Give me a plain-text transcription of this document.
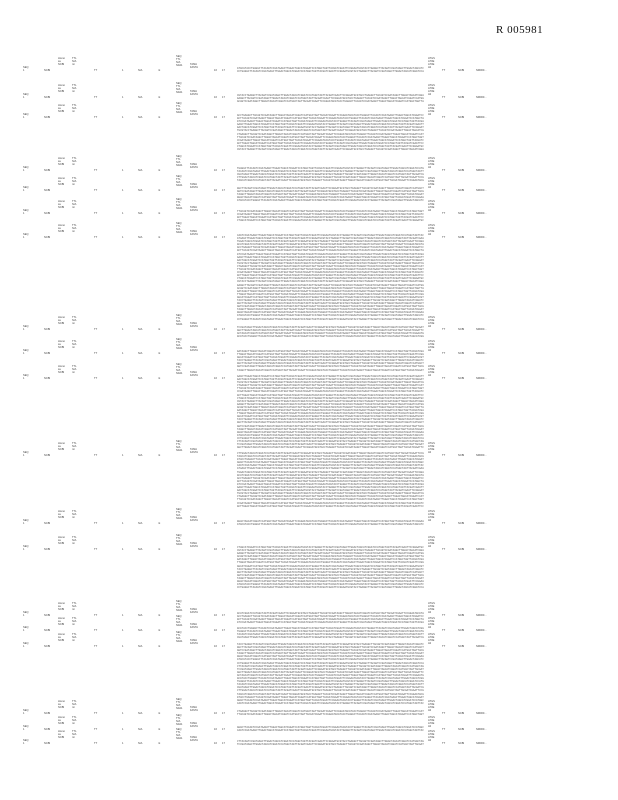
R 005981
SEQ
1	NCBI
Homo
sa
NCBI
TTL
N/A
mi
TT	1	N/A	nt
SEQ
TTL
N/A
N0A1	TAMA
FASTA
16 17
ATGCGTACCTGAGGCTTACAGTCCGATAAGCTTGGACTAGCATCGGATCCATGGCTAGTTACGATCGAATTCCGGAATGCGTACCTGAGGCTTACAGTCCGATAAGCTTGGACTAGCATC
CCTGAGGCTTACAGTCCGATAAGCTTGGACTAGCATCGGATCCATGGCTAGTTACGATCGAATTCCGGAATGCGTACCTGAGGCTTACAGTCCGATAAGCTTGGACTAGCATCGGATCCA
ATGS
A70E
A70E
Alt
TT	NCBI	NM000...
SEQ
1	NCBI
Homo
sa
NCBI
TTL
N/A
mi
TT	1	N/A	nt
SEQ
TTL
N/A
N0A1	TAMA
FASTA
16 17
CGTACCTGAGGCTTACAGTCCGATAAGCTTGGACTAGCATCGGATCCATGGCTAGTTACGATCGAATTCCGGAATGCGTACCTGAGGCTTACAGTCCGATAAGCTTGGACTAGCATCGGA
GAGGCTTACAGTCCGATAAGCTTGGACTAGCATCGGATCCATGGCTAGTTACGATCGAATTCCGGAATGCGTACCTGAGGCTTACAGTCCGATAAGCTTGGACTAGCATCGGATCCATGG
ACAGTCCGATAAGCTTGGACTAGCATCGGATCCATGGCTAGTTACGATCGAATTCCGGAATGCGTACCTGAGGCTTACAGTCCGATAAGCTTGGACTAGCATCGGATCCATGGCTAGTTA
ATGS
A70E
A70E
Alt
TT	NCBI	NM000...
SEQ
1	NCBI
Homo
sa
NCBI
TTL
N/A
mi
TT	1	N/A	nt
SEQ
TTL
N/A
N0A1	TAMA
FASTA
16 17
ACCTGAGGCTTACAGTCCGATAAGCTTGGACTAGCATCGGATCCATGGCTAGTTACGATCGAATTCCGGAATGCGTACCTGAGGCTTACAGTCCGATAAGCTTGGACTAGCATCGGATCC
GCTTACAGTCCGATAAGCTTGGACTAGCATCGGATCCATGGCTAGTTACGATCGAATTCCGGAATGCGTACCTGAGGCTTACAGTCCGATAAGCTTGGACTAGCATCGGATCCATGGCTA
GTCCGATAAGCTTGGACTAGCATCGGATCCATGGCTAGTTACGATCGAATTCCGGAATGCGTACCTGAGGCTTACAGTCCGATAAGCTTGGACTAGCATCGGATCCATGGCTAGTTACGA
AAGCTTGGACTAGCATCGGATCCATGGCTAGTTACGATCGAATTCCGGAATGCGTACCTGAGGCTTACAGTCCGATAAGCTTGGACTAGCATCGGATCCATGGCTAGTTACGATCGAATT
GACTAGCATCGGATCCATGGCTAGTTACGATCGAATTCCGGAATGCGTACCTGAGGCTTACAGTCCGATAAGCTTGGACTAGCATCGGATCCATGGCTAGTTACGATCGAATTCCGGAAT
TGCGTACCTGAGGCTTACAGTCCGATAAGCTTGGACTAGCATCGGATCCATGGCTAGTTACGATCGAATTCCGGAATGCGTACCTGAGGCTTACAGTCCGATAAGCTTGGACTAGCATCG
CTGAGGCTTACAGTCCGATAAGCTTGGACTAGCATCGGATCCATGGCTAGTTACGATCGAATTCCGGAATGCGTACCTGAGGCTTACAGTCCGATAAGCTTGGACTAGCATCGGATCCAT
TTACAGTCCGATAAGCTTGGACTAGCATCGGATCCATGGCTAGTTACGATCGAATTCCGGAATGCGTACCTGAGGCTTACAGTCCGATAAGCTTGGACTAGCATCGGATCCATGGCTAGT
CCGATAAGCTTGGACTAGCATCGGATCCATGGCTAGTTACGATCGAATTCCGGAATGCGTACCTGAGGCTTACAGTCCGATAAGCTTGGACTAGCATCGGATCCATGGCTAGTTACGATC
GCTTGGACTAGCATCGGATCCATGGCTAGTTACGATCGAATTCCGGAATGCGTACCTGAGGCTTACAGTCCGATAAGCTTGGACTAGCATCGGATCCATGGCTAGTTACGATCGAATTCC
CTAGCATCGGATCCATGGCTAGTTACGATCGAATTCCGGAATGCGTACCTGAGGCTTACAGTCCGATAAGCTTGGACTAGCATCGGATCCATGGCTAGTTACGATCGAATTCCGGAATGC
CGTACCTGAGGCTTACAGTCCGATAAGCTTGGACTAGCATCGGATCCATGGCTAGTTACGATCGAATTCCGGAATGCGTACCTGAGGCTTACAGTCCGATAAGCTTGGACTAGCATCGGA
ATGS
A70E
A70E
Alt
TT	NCBI	NM000...
SEQ
1	NCBI
Homo
sa
NCBI
TTL
N/A
mi
TT	1	N/A	nt
SEQ
TTL
N/A
N0A1	TAMA
FASTA
16 17
TGAGGCTTACAGTCCGATAAGCTTGGACTAGCATCGGATCCATGGCTAGTTACGATCGAATTCCGGAATGCGTACCTGAGGCTTACAGTCCGATAAGCTTGGACTAGCATCGGATCCATG
TACAGTCCGATAAGCTTGGACTAGCATCGGATCCATGGCTAGTTACGATCGAATTCCGGAATGCGTACCTGAGGCTTACAGTCCGATAAGCTTGGACTAGCATCGGATCCATGGCTAGTT
CGATAAGCTTGGACTAGCATCGGATCCATGGCTAGTTACGATCGAATTCCGGAATGCGTACCTGAGGCTTACAGTCCGATAAGCTTGGACTAGCATCGGATCCATGGCTAGTTACGATCG
CTTGGACTAGCATCGGATCCATGGCTAGTTACGATCGAATTCCGGAATGCGTACCTGAGGCTTACAGTCCGATAAGCTTGGACTAGCATCGGATCCATGGCTAGTTACGATCGAATTCCG
TAGCATCGGATCCATGGCTAGTTACGATCGAATTCCGGAATGCGTACCTGAGGCTTACAGTCCGATAAGCTTGGACTAGCATCGGATCCATGGCTAGTTACGATCGAATTCCGGAATGCG
ATGS
A70E
A70E
Alt
TT	NCBI	NM000...
SEQ
1	NCBI
Homo
sa
NCBI
TTL
N/A
mi
TT	1	N/A	nt
SEQ
TTL
N/A
N0A1	TAMA
FASTA
16 17
GGCTTACAGTCCGATAAGCTTGGACTAGCATCGGATCCATGGCTAGTTACGATCGAATTCCGGAATGCGTACCTGAGGCTTACAGTCCGATAAGCTTGGACTAGCATCGGATCCATGGCT
AGTCCGATAAGCTTGGACTAGCATCGGATCCATGGCTAGTTACGATCGAATTCCGGAATGCGTACCTGAGGCTTACAGTCCGATAAGCTTGGACTAGCATCGGATCCATGGCTAGTTACG
TAAGCTTGGACTAGCATCGGATCCATGGCTAGTTACGATCGAATTCCGGAATGCGTACCTGAGGCTTACAGTCCGATAAGCTTGGACTAGCATCGGATCCATGGCTAGTTACGATCGAAT
GGACTAGCATCGGATCCATGGCTAGTTACGATCGAATTCCGGAATGCGTACCTGAGGCTTACAGTCCGATAAGCTTGGACTAGCATCGGATCCATGGCTAGTTACGATCGAATTCCGGAA
ATGCGTACCTGAGGCTTACAGTCCGATAAGCTTGGACTAGCATCGGATCCATGGCTAGTTACGATCGAATTCCGGAATGCGTACCTGAGGCTTACAGTCCGATAAGCTTGGACTAGCATC
ATGS
A70E
A70E
Alt
TT	NCBI	NM000...
SEQ
1	NCBI
Homo
sa
NCBI
TTL
N/A
mi
TT	1	N/A	nt
SEQ
TTL
N/A
N0A1	TAMA
FASTA
16 17
TTACAGTCCGATAAGCTTGGACTAGCATCGGATCCATGGCTAGTTACGATCGAATTCCGGAATGCGTACCTGAGGCTTACAGTCCGATAAGCTTGGACTAGCATCGGATCCATGGCTAGT
CCGATAAGCTTGGACTAGCATCGGATCCATGGCTAGTTACGATCGAATTCCGGAATGCGTACCTGAGGCTTACAGTCCGATAAGCTTGGACTAGCATCGGATCCATGGCTAGTTACGATC
GCTTGGACTAGCATCGGATCCATGGCTAGTTACGATCGAATTCCGGAATGCGTACCTGAGGCTTACAGTCCGATAAGCTTGGACTAGCATCGGATCCATGGCTAGTTACGATCGAATTCC
CTAGCATCGGATCCATGGCTAGTTACGATCGAATTCCGGAATGCGTACCTGAGGCTTACAGTCCGATAAGCTTGGACTAGCATCGGATCCATGGCTAGTTACGATCGAATTCCGGAATGC
ATGS
A70E
A70E
Alt
TT	NCBI	NM000...
SEQ
1	NCBI
Homo
sa
NCBI
TTL
N/A
mi
TT	1	N/A	nt
SEQ
TTL
N/A
N0A1	TAMA
FASTA
16 17
CAGTCCGATAAGCTTGGACTAGCATCGGATCCATGGCTAGTTACGATCGAATTCCGGAATGCGTACCTGAGGCTTACAGTCCGATAAGCTTGGACTAGCATCGGATCCATGGCTAGTTAC
ATAAGCTTGGACTAGCATCGGATCCATGGCTAGTTACGATCGAATTCCGGAATGCGTACCTGAGGCTTACAGTCCGATAAGCTTGGACTAGCATCGGATCCATGGCTAGTTACGATCGAA
TGGACTAGCATCGGATCCATGGCTAGTTACGATCGAATTCCGGAATGCGTACCTGAGGCTTACAGTCCGATAAGCTTGGACTAGCATCGGATCCATGGCTAGTTACGATCGAATTCCGGA
GCATCGGATCCATGGCTAGTTACGATCGAATTCCGGAATGCGTACCTGAGGCTTACAGTCCGATAAGCTTGGACTAGCATCGGATCCATGGCTAGTTACGATCGAATTCCGGAATGCGTA
ACCTGAGGCTTACAGTCCGATAAGCTTGGACTAGCATCGGATCCATGGCTAGTTACGATCGAATTCCGGAATGCGTACCTGAGGCTTACAGTCCGATAAGCTTGGACTAGCATCGGATCC
GCTTACAGTCCGATAAGCTTGGACTAGCATCGGATCCATGGCTAGTTACGATCGAATTCCGGAATGCGTACCTGAGGCTTACAGTCCGATAAGCTTGGACTAGCATCGGATCCATGGCTA
GTCCGATAAGCTTGGACTAGCATCGGATCCATGGCTAGTTACGATCGAATTCCGGAATGCGTACCTGAGGCTTACAGTCCGATAAGCTTGGACTAGCATCGGATCCATGGCTAGTTACGA
AAGCTTGGACTAGCATCGGATCCATGGCTAGTTACGATCGAATTCCGGAATGCGTACCTGAGGCTTACAGTCCGATAAGCTTGGACTAGCATCGGATCCATGGCTAGTTACGATCGAATT
GACTAGCATCGGATCCATGGCTAGTTACGATCGAATTCCGGAATGCGTACCTGAGGCTTACAGTCCGATAAGCTTGGACTAGCATCGGATCCATGGCTAGTTACGATCGAATTCCGGAAT
TGCGTACCTGAGGCTTACAGTCCGATAAGCTTGGACTAGCATCGGATCCATGGCTAGTTACGATCGAATTCCGGAATGCGTACCTGAGGCTTACAGTCCGATAAGCTTGGACTAGCATCG
CTGAGGCTTACAGTCCGATAAGCTTGGACTAGCATCGGATCCATGGCTAGTTACGATCGAATTCCGGAATGCGTACCTGAGGCTTACAGTCCGATAAGCTTGGACTAGCATCGGATCCAT
TTACAGTCCGATAAGCTTGGACTAGCATCGGATCCATGGCTAGTTACGATCGAATTCCGGAATGCGTACCTGAGGCTTACAGTCCGATAAGCTTGGACTAGCATCGGATCCATGGCTAGT
CCGATAAGCTTGGACTAGCATCGGATCCATGGCTAGTTACGATCGAATTCCGGAATGCGTACCTGAGGCTTACAGTCCGATAAGCTTGGACTAGCATCGGATCCATGGCTAGTTACGATC
GCTTGGACTAGCATCGGATCCATGGCTAGTTACGATCGAATTCCGGAATGCGTACCTGAGGCTTACAGTCCGATAAGCTTGGACTAGCATCGGATCCATGGCTAGTTACGATCGAATTCC
CTAGCATCGGATCCATGGCTAGTTACGATCGAATTCCGGAATGCGTACCTGAGGCTTACAGTCCGATAAGCTTGGACTAGCATCGGATCCATGGCTAGTTACGATCGAATTCCGGAATGC
CGTACCTGAGGCTTACAGTCCGATAAGCTTGGACTAGCATCGGATCCATGGCTAGTTACGATCGAATTCCGGAATGCGTACCTGAGGCTTACAGTCCGATAAGCTTGGACTAGCATCGGA
GAGGCTTACAGTCCGATAAGCTTGGACTAGCATCGGATCCATGGCTAGTTACGATCGAATTCCGGAATGCGTACCTGAGGCTTACAGTCCGATAAGCTTGGACTAGCATCGGATCCATGG
ACAGTCCGATAAGCTTGGACTAGCATCGGATCCATGGCTAGTTACGATCGAATTCCGGAATGCGTACCTGAGGCTTACAGTCCGATAAGCTTGGACTAGCATCGGATCCATGGCTAGTTA
GATAAGCTTGGACTAGCATCGGATCCATGGCTAGTTACGATCGAATTCCGGAATGCGTACCTGAGGCTTACAGTCCGATAAGCTTGGACTAGCATCGGATCCATGGCTAGTTACGATCGA
TTGGACTAGCATCGGATCCATGGCTAGTTACGATCGAATTCCGGAATGCGTACCTGAGGCTTACAGTCCGATAAGCTTGGACTAGCATCGGATCCATGGCTAGTTACGATCGAATTCCGG
AGCATCGGATCCATGGCTAGTTACGATCGAATTCCGGAATGCGTACCTGAGGCTTACAGTCCGATAAGCTTGGACTAGCATCGGATCCATGGCTAGTTACGATCGAATTCCGGAATGCGT
TACCTGAGGCTTACAGTCCGATAAGCTTGGACTAGCATCGGATCCATGGCTAGTTACGATCGAATTCCGGAATGCGTACCTGAGGCTTACAGTCCGATAAGCTTGGACTAGCATCGGATC
GGCTTACAGTCCGATAAGCTTGGACTAGCATCGGATCCATGGCTAGTTACGATCGAATTCCGGAATGCGTACCTGAGGCTTACAGTCCGATAAGCTTGGACTAGCATCGGATCCATGGCT
AGTCCGATAAGCTTGGACTAGCATCGGATCCATGGCTAGTTACGATCGAATTCCGGAATGCGTACCTGAGGCTTACAGTCCGATAAGCTTGGACTAGCATCGGATCCATGGCTAGTTACG
TAAGCTTGGACTAGCATCGGATCCATGGCTAGTTACGATCGAATTCCGGAATGCGTACCTGAGGCTTACAGTCCGATAAGCTTGGACTAGCATCGGATCCATGGCTAGTTACGATCGAAT
GGACTAGCATCGGATCCATGGCTAGTTACGATCGAATTCCGGAATGCGTACCTGAGGCTTACAGTCCGATAAGCTTGGACTAGCATCGGATCCATGGCTAGTTACGATCGAATTCCGGAA
ATGCGTACCTGAGGCTTACAGTCCGATAAGCTTGGACTAGCATCGGATCCATGGCTAGTTACGATCGAATTCCGGAATGCGTACCTGAGGCTTACAGTCCGATAAGCTTGGACTAGCATC
CCTGAGGCTTACAGTCCGATAAGCTTGGACTAGCATCGGATCCATGGCTAGTTACGATCGAATTCCGGAATGCGTACCTGAGGCTTACAGTCCGATAAGCTTGGACTAGCATCGGATCCA
ATGS
A70E
A70E
Alt
TT	NCBI	NM000...
SEQ
1	NCBI
Homo
sa
NCBI
TTL
N/A
mi
TT	1	N/A	nt
SEQ
TTL
N/A
N0A1	TAMA
FASTA
16 17
TCCGATAAGCTTGGACTAGCATCGGATCCATGGCTAGTTACGATCGAATTCCGGAATGCGTACCTGAGGCTTACAGTCCGATAAGCTTGGACTAGCATCGGATCCATGGCTAGTTACGAT
AGCTTGGACTAGCATCGGATCCATGGCTAGTTACGATCGAATTCCGGAATGCGTACCTGAGGCTTACAGTCCGATAAGCTTGGACTAGCATCGGATCCATGGCTAGTTACGATCGAATTC
ACTAGCATCGGATCCATGGCTAGTTACGATCGAATTCCGGAATGCGTACCTGAGGCTTACAGTCCGATAAGCTTGGACTAGCATCGGATCCATGGCTAGTTACGATCGAATTCCGGAATG
GCGTACCTGAGGCTTACAGTCCGATAAGCTTGGACTAGCATCGGATCCATGGCTAGTTACGATCGAATTCCGGAATGCGTACCTGAGGCTTACAGTCCGATAAGCTTGGACTAGCATCGG
ATGS
A70E
A70E
Alt
TT	NCBI	NM000...
SEQ
1	NCBI
Homo
sa
NCBI
TTL
N/A
mi
TT	1	N/A	nt
SEQ
TTL
N/A
N0A1	TAMA
FASTA
16 17
GATAAGCTTGGACTAGCATCGGATCCATGGCTAGTTACGATCGAATTCCGGAATGCGTACCTGAGGCTTACAGTCCGATAAGCTTGGACTAGCATCGGATCCATGGCTAGTTACGATCGA
TTGGACTAGCATCGGATCCATGGCTAGTTACGATCGAATTCCGGAATGCGTACCTGAGGCTTACAGTCCGATAAGCTTGGACTAGCATCGGATCCATGGCTAGTTACGATCGAATTCCGG
AGCATCGGATCCATGGCTAGTTACGATCGAATTCCGGAATGCGTACCTGAGGCTTACAGTCCGATAAGCTTGGACTAGCATCGGATCCATGGCTAGTTACGATCGAATTCCGGAATGCGT
TACCTGAGGCTTACAGTCCGATAAGCTTGGACTAGCATCGGATCCATGGCTAGTTACGATCGAATTCCGGAATGCGTACCTGAGGCTTACAGTCCGATAAGCTTGGACTAGCATCGGATC
GGCTTACAGTCCGATAAGCTTGGACTAGCATCGGATCCATGGCTAGTTACGATCGAATTCCGGAATGCGTACCTGAGGCTTACAGTCCGATAAGCTTGGACTAGCATCGGATCCATGGCT
AGTCCGATAAGCTTGGACTAGCATCGGATCCATGGCTAGTTACGATCGAATTCCGGAATGCGTACCTGAGGCTTACAGTCCGATAAGCTTGGACTAGCATCGGATCCATGGCTAGTTACG
TAAGCTTGGACTAGCATCGGATCCATGGCTAGTTACGATCGAATTCCGGAATGCGTACCTGAGGCTTACAGTCCGATAAGCTTGGACTAGCATCGGATCCATGGCTAGTTACGATCGAAT
ATGS
A70E
A70E
Alt
TT	NCBI	NM000...
SEQ
1	NCBI
Homo
sa
NCBI
TTL
N/A
mi
TT	1	N/A	nt
SEQ
TTL
N/A
N0A1	TAMA
FASTA
16 17
AAGCTTGGACTAGCATCGGATCCATGGCTAGTTACGATCGAATTCCGGAATGCGTACCTGAGGCTTACAGTCCGATAAGCTTGGACTAGCATCGGATCCATGGCTAGTTACGATCGAATT
GACTAGCATCGGATCCATGGCTAGTTACGATCGAATTCCGGAATGCGTACCTGAGGCTTACAGTCCGATAAGCTTGGACTAGCATCGGATCCATGGCTAGTTACGATCGAATTCCGGAAT
TGCGTACCTGAGGCTTACAGTCCGATAAGCTTGGACTAGCATCGGATCCATGGCTAGTTACGATCGAATTCCGGAATGCGTACCTGAGGCTTACAGTCCGATAAGCTTGGACTAGCATCG
CTGAGGCTTACAGTCCGATAAGCTTGGACTAGCATCGGATCCATGGCTAGTTACGATCGAATTCCGGAATGCGTACCTGAGGCTTACAGTCCGATAAGCTTGGACTAGCATCGGATCCAT
TTACAGTCCGATAAGCTTGGACTAGCATCGGATCCATGGCTAGTTACGATCGAATTCCGGAATGCGTACCTGAGGCTTACAGTCCGATAAGCTTGGACTAGCATCGGATCCATGGCTAGT
CCGATAAGCTTGGACTAGCATCGGATCCATGGCTAGTTACGATCGAATTCCGGAATGCGTACCTGAGGCTTACAGTCCGATAAGCTTGGACTAGCATCGGATCCATGGCTAGTTACGATC
GCTTGGACTAGCATCGGATCCATGGCTAGTTACGATCGAATTCCGGAATGCGTACCTGAGGCTTACAGTCCGATAAGCTTGGACTAGCATCGGATCCATGGCTAGTTACGATCGAATTCC
CTAGCATCGGATCCATGGCTAGTTACGATCGAATTCCGGAATGCGTACCTGAGGCTTACAGTCCGATAAGCTTGGACTAGCATCGGATCCATGGCTAGTTACGATCGAATTCCGGAATGC
CGTACCTGAGGCTTACAGTCCGATAAGCTTGGACTAGCATCGGATCCATGGCTAGTTACGATCGAATTCCGGAATGCGTACCTGAGGCTTACAGTCCGATAAGCTTGGACTAGCATCGGA
GAGGCTTACAGTCCGATAAGCTTGGACTAGCATCGGATCCATGGCTAGTTACGATCGAATTCCGGAATGCGTACCTGAGGCTTACAGTCCGATAAGCTTGGACTAGCATCGGATCCATGG
ACAGTCCGATAAGCTTGGACTAGCATCGGATCCATGGCTAGTTACGATCGAATTCCGGAATGCGTACCTGAGGCTTACAGTCCGATAAGCTTGGACTAGCATCGGATCCATGGCTAGTTA
GATAAGCTTGGACTAGCATCGGATCCATGGCTAGTTACGATCGAATTCCGGAATGCGTACCTGAGGCTTACAGTCCGATAAGCTTGGACTAGCATCGGATCCATGGCTAGTTACGATCGA
TTGGACTAGCATCGGATCCATGGCTAGTTACGATCGAATTCCGGAATGCGTACCTGAGGCTTACAGTCCGATAAGCTTGGACTAGCATCGGATCCATGGCTAGTTACGATCGAATTCCGG
AGCATCGGATCCATGGCTAGTTACGATCGAATTCCGGAATGCGTACCTGAGGCTTACAGTCCGATAAGCTTGGACTAGCATCGGATCCATGGCTAGTTACGATCGAATTCCGGAATGCGT
TACCTGAGGCTTACAGTCCGATAAGCTTGGACTAGCATCGGATCCATGGCTAGTTACGATCGAATTCCGGAATGCGTACCTGAGGCTTACAGTCCGATAAGCTTGGACTAGCATCGGATC
GGCTTACAGTCCGATAAGCTTGGACTAGCATCGGATCCATGGCTAGTTACGATCGAATTCCGGAATGCGTACCTGAGGCTTACAGTCCGATAAGCTTGGACTAGCATCGGATCCATGGCT
AGTCCGATAAGCTTGGACTAGCATCGGATCCATGGCTAGTTACGATCGAATTCCGGAATGCGTACCTGAGGCTTACAGTCCGATAAGCTTGGACTAGCATCGGATCCATGGCTAGTTACG
TAAGCTTGGACTAGCATCGGATCCATGGCTAGTTACGATCGAATTCCGGAATGCGTACCTGAGGCTTACAGTCCGATAAGCTTGGACTAGCATCGGATCCATGGCTAGTTACGATCGAAT
GGACTAGCATCGGATCCATGGCTAGTTACGATCGAATTCCGGAATGCGTACCTGAGGCTTACAGTCCGATAAGCTTGGACTAGCATCGGATCCATGGCTAGTTACGATCGAATTCCGGAA
ATGCGTACCTGAGGCTTACAGTCCGATAAGCTTGGACTAGCATCGGATCCATGGCTAGTTACGATCGAATTCCGGAATGCGTACCTGAGGCTTACAGTCCGATAAGCTTGGACTAGCATC
CCTGAGGCTTACAGTCCGATAAGCTTGGACTAGCATCGGATCCATGGCTAGTTACGATCGAATTCCGGAATGCGTACCTGAGGCTTACAGTCCGATAAGCTTGGACTAGCATCGGATCCA
CTTACAGTCCGATAAGCTTGGACTAGCATCGGATCCATGGCTAGTTACGATCGAATTCCGGAATGCGTACCTGAGGCTTACAGTCCGATAAGCTTGGACTAGCATCGGATCCATGGCTAG
TCCGATAAGCTTGGACTAGCATCGGATCCATGGCTAGTTACGATCGAATTCCGGAATGCGTACCTGAGGCTTACAGTCCGATAAGCTTGGACTAGCATCGGATCCATGGCTAGTTACGAT
AGCTTGGACTAGCATCGGATCCATGGCTAGTTACGATCGAATTCCGGAATGCGTACCTGAGGCTTACAGTCCGATAAGCTTGGACTAGCATCGGATCCATGGCTAGTTACGATCGAATTC
ATGS
A70E
A70E
Alt
TT	NCBI	NM000...
SEQ
1	NCBI
Homo
sa
NCBI
TTL
N/A
mi
TT	1	N/A	nt
SEQ
TTL
N/A
N0A1	TAMA
FASTA
16 17
CTTGGACTAGCATCGGATCCATGGCTAGTTACGATCGAATTCCGGAATGCGTACCTGAGGCTTACAGTCCGATAAGCTTGGACTAGCATCGGATCCATGGCTAGTTACGATCGAATTCCG
TAGCATCGGATCCATGGCTAGTTACGATCGAATTCCGGAATGCGTACCTGAGGCTTACAGTCCGATAAGCTTGGACTAGCATCGGATCCATGGCTAGTTACGATCGAATTCCGGAATGCG
GTACCTGAGGCTTACAGTCCGATAAGCTTGGACTAGCATCGGATCCATGGCTAGTTACGATCGAATTCCGGAATGCGTACCTGAGGCTTACAGTCCGATAAGCTTGGACTAGCATCGGAT
AGGCTTACAGTCCGATAAGCTTGGACTAGCATCGGATCCATGGCTAGTTACGATCGAATTCCGGAATGCGTACCTGAGGCTTACAGTCCGATAAGCTTGGACTAGCATCGGATCCATGGC
CAGTCCGATAAGCTTGGACTAGCATCGGATCCATGGCTAGTTACGATCGAATTCCGGAATGCGTACCTGAGGCTTACAGTCCGATAAGCTTGGACTAGCATCGGATCCATGGCTAGTTAC
ATAAGCTTGGACTAGCATCGGATCCATGGCTAGTTACGATCGAATTCCGGAATGCGTACCTGAGGCTTACAGTCCGATAAGCTTGGACTAGCATCGGATCCATGGCTAGTTACGATCGAA
TGGACTAGCATCGGATCCATGGCTAGTTACGATCGAATTCCGGAATGCGTACCTGAGGCTTACAGTCCGATAAGCTTGGACTAGCATCGGATCCATGGCTAGTTACGATCGAATTCCGGA
GCATCGGATCCATGGCTAGTTACGATCGAATTCCGGAATGCGTACCTGAGGCTTACAGTCCGATAAGCTTGGACTAGCATCGGATCCATGGCTAGTTACGATCGAATTCCGGAATGCGTA
ACCTGAGGCTTACAGTCCGATAAGCTTGGACTAGCATCGGATCCATGGCTAGTTACGATCGAATTCCGGAATGCGTACCTGAGGCTTACAGTCCGATAAGCTTGGACTAGCATCGGATCC
GCTTACAGTCCGATAAGCTTGGACTAGCATCGGATCCATGGCTAGTTACGATCGAATTCCGGAATGCGTACCTGAGGCTTACAGTCCGATAAGCTTGGACTAGCATCGGATCCATGGCTA
GTCCGATAAGCTTGGACTAGCATCGGATCCATGGCTAGTTACGATCGAATTCCGGAATGCGTACCTGAGGCTTACAGTCCGATAAGCTTGGACTAGCATCGGATCCATGGCTAGTTACGA
AAGCTTGGACTAGCATCGGATCCATGGCTAGTTACGATCGAATTCCGGAATGCGTACCTGAGGCTTACAGTCCGATAAGCTTGGACTAGCATCGGATCCATGGCTAGTTACGATCGAATT
GACTAGCATCGGATCCATGGCTAGTTACGATCGAATTCCGGAATGCGTACCTGAGGCTTACAGTCCGATAAGCTTGGACTAGCATCGGATCCATGGCTAGTTACGATCGAATTCCGGAAT
TGCGTACCTGAGGCTTACAGTCCGATAAGCTTGGACTAGCATCGGATCCATGGCTAGTTACGATCGAATTCCGGAATGCGTACCTGAGGCTTACAGTCCGATAAGCTTGGACTAGCATCG
CTGAGGCTTACAGTCCGATAAGCTTGGACTAGCATCGGATCCATGGCTAGTTACGATCGAATTCCGGAATGCGTACCTGAGGCTTACAGTCCGATAAGCTTGGACTAGCATCGGATCCAT
TTACAGTCCGATAAGCTTGGACTAGCATCGGATCCATGGCTAGTTACGATCGAATTCCGGAATGCGTACCTGAGGCTTACAGTCCGATAAGCTTGGACTAGCATCGGATCCATGGCTAGT
CCGATAAGCTTGGACTAGCATCGGATCCATGGCTAGTTACGATCGAATTCCGGAATGCGTACCTGAGGCTTACAGTCCGATAAGCTTGGACTAGCATCGGATCCATGGCTAGTTACGATC
GCTTGGACTAGCATCGGATCCATGGCTAGTTACGATCGAATTCCGGAATGCGTACCTGAGGCTTACAGTCCGATAAGCTTGGACTAGCATCGGATCCATGGCTAGTTACGATCGAATTCC
ATGS
A70E
A70E
Alt
TT	NCBI	NM000...
SEQ
1	NCBI
Homo
sa
NCBI
TTL
N/A
mi
TT	1	N/A	nt
SEQ
TTL
N/A
N0A1	TAMA
FASTA
16 17
GGACTAGCATCGGATCCATGGCTAGTTACGATCGAATTCCGGAATGCGTACCTGAGGCTTACAGTCCGATAAGCTTGGACTAGCATCGGATCCATGGCTAGTTACGATCGAATTCCGGAA
ATGCGTACCTGAGGCTTACAGTCCGATAAGCTTGGACTAGCATCGGATCCATGGCTAGTTACGATCGAATTCCGGAATGCGTACCTGAGGCTTACAGTCCGATAAGCTTGGACTAGCATC
ATGS
A70E
A70E
Alt
TT	NCBI	NM000...
SEQ
1	NCBI
Homo
sa
NCBI
TTL
N/A
mi
TT	1	N/A	nt
SEQ
TTL
N/A
N0A1	TAMA
FASTA
16 17
CTAGCATCGGATCCATGGCTAGTTACGATCGAATTCCGGAATGCGTACCTGAGGCTTACAGTCCGATAAGCTTGGACTAGCATCGGATCCATGGCTAGTTACGATCGAATTCCGGAATGC
CGTACCTGAGGCTTACAGTCCGATAAGCTTGGACTAGCATCGGATCCATGGCTAGTTACGATCGAATTCCGGAATGCGTACCTGAGGCTTACAGTCCGATAAGCTTGGACTAGCATCGGA
GAGGCTTACAGTCCGATAAGCTTGGACTAGCATCGGATCCATGGCTAGTTACGATCGAATTCCGGAATGCGTACCTGAGGCTTACAGTCCGATAAGCTTGGACTAGCATCGGATCCATGG
ACAGTCCGATAAGCTTGGACTAGCATCGGATCCATGGCTAGTTACGATCGAATTCCGGAATGCGTACCTGAGGCTTACAGTCCGATAAGCTTGGACTAGCATCGGATCCATGGCTAGTTA
GATAAGCTTGGACTAGCATCGGATCCATGGCTAGTTACGATCGAATTCCGGAATGCGTACCTGAGGCTTACAGTCCGATAAGCTTGGACTAGCATCGGATCCATGGCTAGTTACGATCGA
TTGGACTAGCATCGGATCCATGGCTAGTTACGATCGAATTCCGGAATGCGTACCTGAGGCTTACAGTCCGATAAGCTTGGACTAGCATCGGATCCATGGCTAGTTACGATCGAATTCCGG
AGCATCGGATCCATGGCTAGTTACGATCGAATTCCGGAATGCGTACCTGAGGCTTACAGTCCGATAAGCTTGGACTAGCATCGGATCCATGGCTAGTTACGATCGAATTCCGGAATGCGT
TACCTGAGGCTTACAGTCCGATAAGCTTGGACTAGCATCGGATCCATGGCTAGTTACGATCGAATTCCGGAATGCGTACCTGAGGCTTACAGTCCGATAAGCTTGGACTAGCATCGGATC
GGCTTACAGTCCGATAAGCTTGGACTAGCATCGGATCCATGGCTAGTTACGATCGAATTCCGGAATGCGTACCTGAGGCTTACAGTCCGATAAGCTTGGACTAGCATCGGATCCATGGCT
AGTCCGATAAGCTTGGACTAGCATCGGATCCATGGCTAGTTACGATCGAATTCCGGAATGCGTACCTGAGGCTTACAGTCCGATAAGCTTGGACTAGCATCGGATCCATGGCTAGTTACG
TAAGCTTGGACTAGCATCGGATCCATGGCTAGTTACGATCGAATTCCGGAATGCGTACCTGAGGCTTACAGTCCGATAAGCTTGGACTAGCATCGGATCCATGGCTAGTTACGATCGAAT
GGACTAGCATCGGATCCATGGCTAGTTACGATCGAATTCCGGAATGCGTACCTGAGGCTTACAGTCCGATAAGCTTGGACTAGCATCGGATCCATGGCTAGTTACGATCGAATTCCGGAA
ATGCGTACCTGAGGCTTACAGTCCGATAAGCTTGGACTAGCATCGGATCCATGGCTAGTTACGATCGAATTCCGGAATGCGTACCTGAGGCTTACAGTCCGATAAGCTTGGACTAGCATC
CCTGAGGCTTACAGTCCGATAAGCTTGGACTAGCATCGGATCCATGGCTAGTTACGATCGAATTCCGGAATGCGTACCTGAGGCTTACAGTCCGATAAGCTTGGACTAGCATCGGATCCA
ATGS
A70E
A70E
Alt
TT	NCBI	NM000...
SEQ
1	NCBI
Homo
sa
NCBI
TTL
N/A
mi
TT	1	N/A	nt
SEQ
TTL
N/A
N0A1	TAMA
FASTA
16 17
GCATCGGATCCATGGCTAGTTACGATCGAATTCCGGAATGCGTACCTGAGGCTTACAGTCCGATAAGCTTGGACTAGCATCGGATCCATGGCTAGTTACGATCGAATTCCGGAATGCGTA
ACCTGAGGCTTACAGTCCGATAAGCTTGGACTAGCATCGGATCCATGGCTAGTTACGATCGAATTCCGGAATGCGTACCTGAGGCTTACAGTCCGATAAGCTTGGACTAGCATCGGATCC
GCTTACAGTCCGATAAGCTTGGACTAGCATCGGATCCATGGCTAGTTACGATCGAATTCCGGAATGCGTACCTGAGGCTTACAGTCCGATAAGCTTGGACTAGCATCGGATCCATGGCTA
GTCCGATAAGCTTGGACTAGCATCGGATCCATGGCTAGTTACGATCGAATTCCGGAATGCGTACCTGAGGCTTACAGTCCGATAAGCTTGGACTAGCATCGGATCCATGGCTAGTTACGA
ATGS
A70E
A70E
Alt
TT	NCBI	NM000...
SEQ
1	NCBI
Homo
sa
NCBI
TTL
N/A
mi
TT	1	N/A	nt
SEQ
TTL
N/A
N0A1	TAMA
FASTA
16 17
GCGTACCTGAGGCTTACAGTCCGATAAGCTTGGACTAGCATCGGATCCATGGCTAGTTACGATCGAATTCCGGAATGCGTACCTGAGGCTTACAGTCCGATAAGCTTGGACTAGCATCGG
TGAGGCTTACAGTCCGATAAGCTTGGACTAGCATCGGATCCATGGCTAGTTACGATCGAATTCCGGAATGCGTACCTGAGGCTTACAGTCCGATAAGCTTGGACTAGCATCGGATCCATG
TACAGTCCGATAAGCTTGGACTAGCATCGGATCCATGGCTAGTTACGATCGAATTCCGGAATGCGTACCTGAGGCTTACAGTCCGATAAGCTTGGACTAGCATCGGATCCATGGCTAGTT
CGATAAGCTTGGACTAGCATCGGATCCATGGCTAGTTACGATCGAATTCCGGAATGCGTACCTGAGGCTTACAGTCCGATAAGCTTGGACTAGCATCGGATCCATGGCTAGTTACGATCG
ATGS
A70E
A70E
Alt
TT	NCBI	NM000...
SEQ
1	NCBI
Homo
sa
NCBI
TTL
N/A
mi
TT	1	N/A	nt
SEQ
TTL
N/A
N0A1	TAMA
FASTA
16 17
TACCTGAGGCTTACAGTCCGATAAGCTTGGACTAGCATCGGATCCATGGCTAGTTACGATCGAATTCCGGAATGCGTACCTGAGGCTTACAGTCCGATAAGCTTGGACTAGCATCGGATC
GGCTTACAGTCCGATAAGCTTGGACTAGCATCGGATCCATGGCTAGTTACGATCGAATTCCGGAATGCGTACCTGAGGCTTACAGTCCGATAAGCTTGGACTAGCATCGGATCCATGGCT
AGTCCGATAAGCTTGGACTAGCATCGGATCCATGGCTAGTTACGATCGAATTCCGGAATGCGTACCTGAGGCTTACAGTCCGATAAGCTTGGACTAGCATCGGATCCATGGCTAGTTACG
TAAGCTTGGACTAGCATCGGATCCATGGCTAGTTACGATCGAATTCCGGAATGCGTACCTGAGGCTTACAGTCCGATAAGCTTGGACTAGCATCGGATCCATGGCTAGTTACGATCGAAT
GGACTAGCATCGGATCCATGGCTAGTTACGATCGAATTCCGGAATGCGTACCTGAGGCTTACAGTCCGATAAGCTTGGACTAGCATCGGATCCATGGCTAGTTACGATCGAATTCCGGAA
ATGCGTACCTGAGGCTTACAGTCCGATAAGCTTGGACTAGCATCGGATCCATGGCTAGTTACGATCGAATTCCGGAATGCGTACCTGAGGCTTACAGTCCGATAAGCTTGGACTAGCATC
CCTGAGGCTTACAGTCCGATAAGCTTGGACTAGCATCGGATCCATGGCTAGTTACGATCGAATTCCGGAATGCGTACCTGAGGCTTACAGTCCGATAAGCTTGGACTAGCATCGGATCCA
CTTACAGTCCGATAAGCTTGGACTAGCATCGGATCCATGGCTAGTTACGATCGAATTCCGGAATGCGTACCTGAGGCTTACAGTCCGATAAGCTTGGACTAGCATCGGATCCATGGCTAG
TCCGATAAGCTTGGACTAGCATCGGATCCATGGCTAGTTACGATCGAATTCCGGAATGCGTACCTGAGGCTTACAGTCCGATAAGCTTGGACTAGCATCGGATCCATGGCTAGTTACGAT
AGCTTGGACTAGCATCGGATCCATGGCTAGTTACGATCGAATTCCGGAATGCGTACCTGAGGCTTACAGTCCGATAAGCTTGGACTAGCATCGGATCCATGGCTAGTTACGATCGAATTC
ACTAGCATCGGATCCATGGCTAGTTACGATCGAATTCCGGAATGCGTACCTGAGGCTTACAGTCCGATAAGCTTGGACTAGCATCGGATCCATGGCTAGTTACGATCGAATTCCGGAATG
GCGTACCTGAGGCTTACAGTCCGATAAGCTTGGACTAGCATCGGATCCATGGCTAGTTACGATCGAATTCCGGAATGCGTACCTGAGGCTTACAGTCCGATAAGCTTGGACTAGCATCGG
TGAGGCTTACAGTCCGATAAGCTTGGACTAGCATCGGATCCATGGCTAGTTACGATCGAATTCCGGAATGCGTACCTGAGGCTTACAGTCCGATAAGCTTGGACTAGCATCGGATCCATG
TACAGTCCGATAAGCTTGGACTAGCATCGGATCCATGGCTAGTTACGATCGAATTCCGGAATGCGTACCTGAGGCTTACAGTCCGATAAGCTTGGACTAGCATCGGATCCATGGCTAGTT
CGATAAGCTTGGACTAGCATCGGATCCATGGCTAGTTACGATCGAATTCCGGAATGCGTACCTGAGGCTTACAGTCCGATAAGCTTGGACTAGCATCGGATCCATGGCTAGTTACGATCG
CTTGGACTAGCATCGGATCCATGGCTAGTTACGATCGAATTCCGGAATGCGTACCTGAGGCTTACAGTCCGATAAGCTTGGACTAGCATCGGATCCATGGCTAGTTACGATCGAATTCCG
TAGCATCGGATCCATGGCTAGTTACGATCGAATTCCGGAATGCGTACCTGAGGCTTACAGTCCGATAAGCTTGGACTAGCATCGGATCCATGGCTAGTTACGATCGAATTCCGGAATGCG
GTACCTGAGGCTTACAGTCCGATAAGCTTGGACTAGCATCGGATCCATGGCTAGTTACGATCGAATTCCGGAATGCGTACCTGAGGCTTACAGTCCGATAAGCTTGGACTAGCATCGGAT
AGGCTTACAGTCCGATAAGCTTGGACTAGCATCGGATCCATGGCTAGTTACGATCGAATTCCGGAATGCGTACCTGAGGCTTACAGTCCGATAAGCTTGGACTAGCATCGGATCCATGGC
CAGTCCGATAAGCTTGGACTAGCATCGGATCCATGGCTAGTTACGATCGAATTCCGGAATGCGTACCTGAGGCTTACAGTCCGATAAGCTTGGACTAGCATCGGATCCATGGCTAGTTAC
ATGS
A70E
A70E
Alt
TT	NCBI	NM000...
SEQ
1	NCBI
Homo
sa
NCBI
TTL
N/A
mi
TT	1	N/A	nt
SEQ
TTL
N/A
N0A1	TAMA
FASTA
16 17
CTGAGGCTTACAGTCCGATAAGCTTGGACTAGCATCGGATCCATGGCTAGTTACGATCGAATTCCGGAATGCGTACCTGAGGCTTACAGTCCGATAAGCTTGGACTAGCATCGGATCCAT
TTACAGTCCGATAAGCTTGGACTAGCATCGGATCCATGGCTAGTTACGATCGAATTCCGGAATGCGTACCTGAGGCTTACAGTCCGATAAGCTTGGACTAGCATCGGATCCATGGCTAGT
ATGS
A70E
A70E
Alt
TT	NCBI	NM000...
SEQ
1	NCBI
Homo
sa
NCBI
TTL
N/A
mi
TT	1	N/A	nt
SEQ
TTL
N/A
N0A1	TAMA
FASTA
16 17
AGGCTTACAGTCCGATAAGCTTGGACTAGCATCGGATCCATGGCTAGTTACGATCGAATTCCGGAATGCGTACCTGAGGCTTACAGTCCGATAAGCTTGGACTAGCATCGGATCCATGGC
CAGTCCGATAAGCTTGGACTAGCATCGGATCCATGGCTAGTTACGATCGAATTCCGGAATGCGTACCTGAGGCTTACAGTCCGATAAGCTTGGACTAGCATCGGATCCATGGCTAGTTAC
ATGS
A70E
A70E
Alt
TT	NCBI	NM000...
SEQ
1	NCBI
Homo
sa
NCBI
TTL
N/A
mi
TT	1	N/A	nt
SEQ
TTL
N/A
N0A1	TAMA
FASTA
16 17
CTTACAGTCCGATAAGCTTGGACTAGCATCGGATCCATGGCTAGTTACGATCGAATTCCGGAATGCGTACCTGAGGCTTACAGTCCGATAAGCTTGGACTAGCATCGGATCCATGGCTAG
TCCGATAAGCTTGGACTAGCATCGGATCCATGGCTAGTTACGATCGAATTCCGGAATGCGTACCTGAGGCTTACAGTCCGATAAGCTTGGACTAGCATCGGATCCATGGCTAGTTACGAT
ATGS
A70E
A70E
Alt
TT	NCBI	NM000...
